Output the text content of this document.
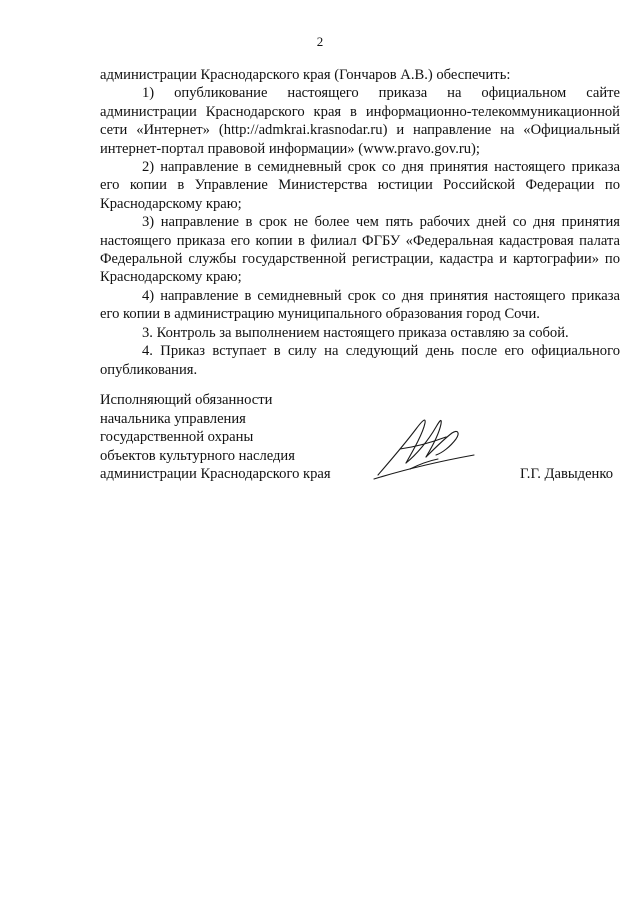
2

администрации Краснодарского края (Гончаров А.В.) обеспечить:

1) опубликование настоящего приказа на официальном сайте администрации Краснодарского края в информационно-телекоммуникационной сети «Интернет» (http://admkrai.krasnodar.ru) и направление на «Официальный интернет-портал правовой информации» (www.pravo.gov.ru);

2) направление в семидневный срок со дня принятия настоящего приказа его копии в Управление Министерства юстиции Российской Федерации по Краснодарскому краю;

3) направление в срок не более чем пять рабочих дней со дня принятия настоящего приказа его копии в филиал ФГБУ «Федеральная кадастровая палата Федеральной службы государственной регистрации, кадастра и картографии» по Краснодарскому краю;

4) направление в семидневный срок со дня принятия настоящего приказа его копии в администрацию муниципального образования город Сочи.

3. Контроль за выполнением настоящего приказа оставляю за собой.

4. Приказ вступает в силу на следующий день после его официального опубликования.

Исполняющий обязанности
начальника управления
государственной охраны
объектов культурного наследия
администрации Краснодарского края	Г.Г. Давыденко
